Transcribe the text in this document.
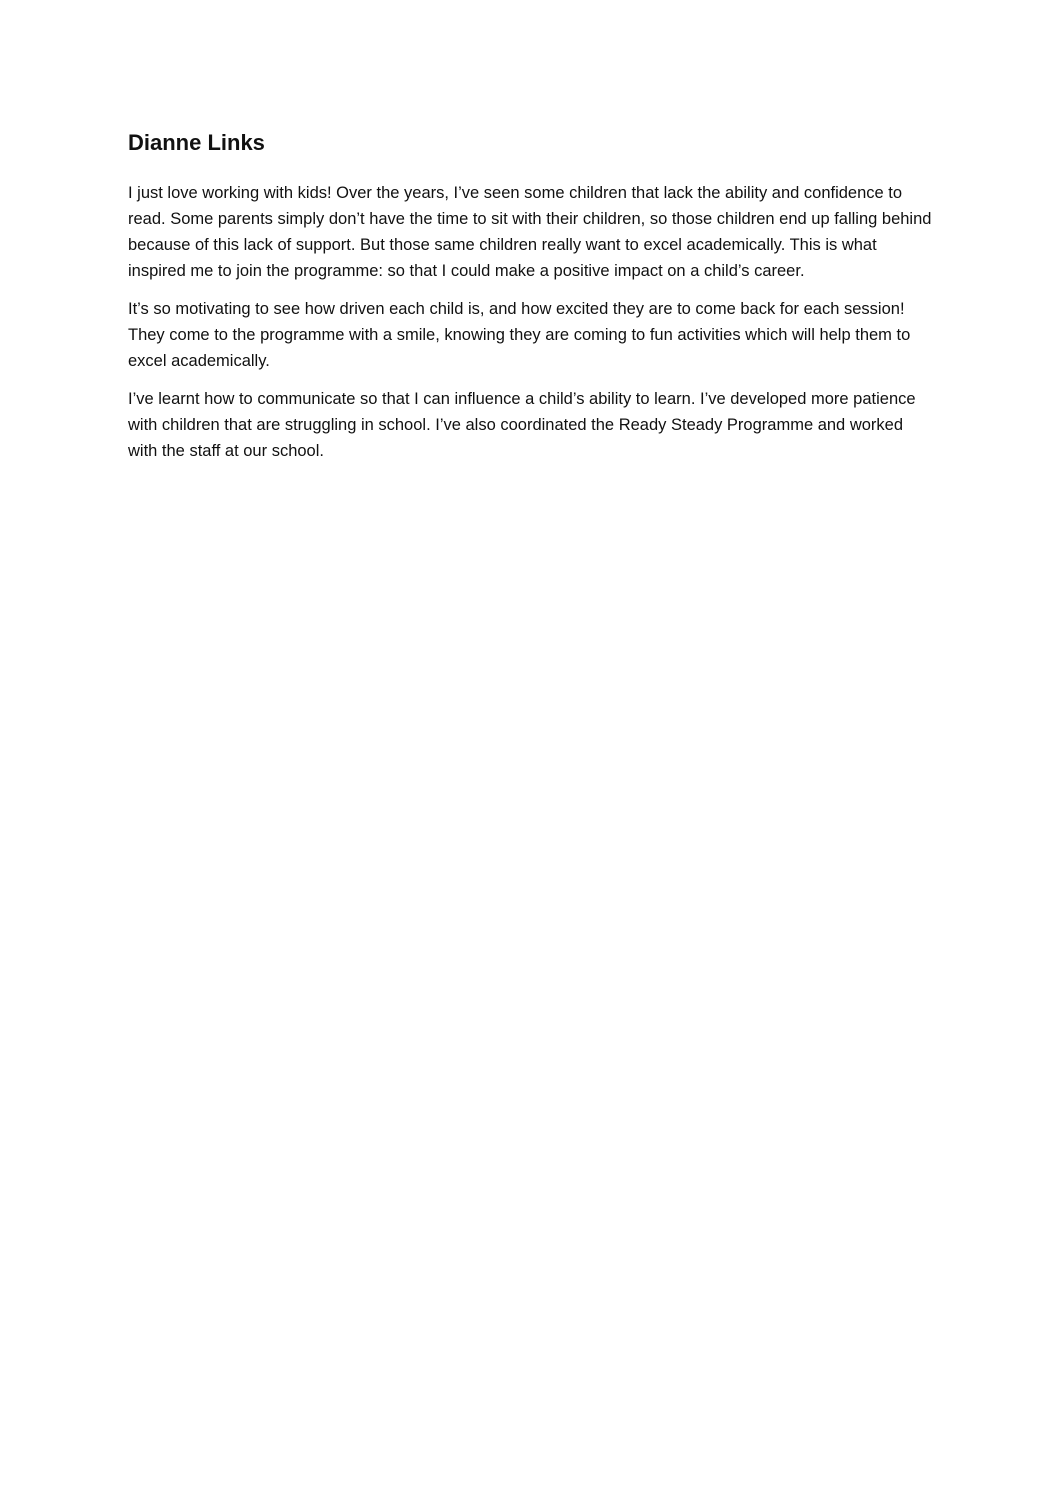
Dianne Links

I just love working with kids! Over the years, I’ve seen some children that lack the ability and confidence to read. Some parents simply don’t have the time to sit with their children, so those children end up falling behind because of this lack of support. But those same children really want to excel academically. This is what inspired me to join the programme: so that I could make a positive impact on a child’s career.

It’s so motivating to see how driven each child is, and how excited they are to come back for each session! They come to the programme with a smile, knowing they are coming to fun activities which will help them to excel academically.

I’ve learnt how to communicate so that I can influence a child’s ability to learn. I’ve developed more patience with children that are struggling in school. I’ve also coordinated the Ready Steady Programme and worked with the staff at our school.
